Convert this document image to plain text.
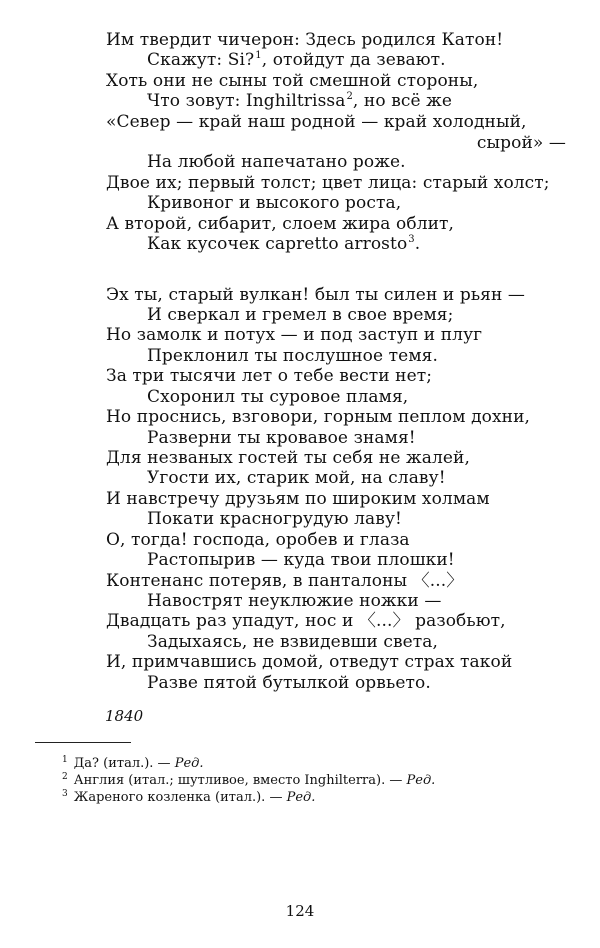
Им твердит чичерон: Здесь родился Катон!
Скажут: Si?$^1$, отойдут да зевают.
Хоть они не сыны той смешной стороны,
Что зовут: Inghiltrissa$^2$, но всё же
«Север — край наш родной — край холодный,
сырой» —
На любой напечатано роже.
Двое их; первый толст; цвет лица: старый холст;
Кривоног и высокого роста,
А второй, сибарит, слоем жира облит,
Как кусочек capretto arrosto$^3$.
Эх ты, старый вулкан! был ты силен и рьян —
И сверкал и гремел в свое время;
Но замолк и потух — и под заступ и плуг
Преклонил ты послушное темя.
За три тысячи лет о тебе вести нет;
Схоронил ты суровое пламя,
Но проснись, взговори, горным пеплом дохни,
Разверни ты кровавое знамя!
Для незваных гостей ты себя не жалей,
Угости их, старик мой, на славу!
И навстречу друзьям по широким холмам
Покати красногрудую лаву!
О, тогда! господа, оробев и глаза
Растопырив — куда твои плошки!
Контенанс потеряв, в панталоны 〈...〉
Навострят неуклюжие ножки —
Двадцать раз упадут, нос и 〈...〉 разобьют,
Задыхаясь, не взвидевши света,
И, примчавшись домой, отведут страх такой
Разве пятой бутылкой орвьето.
1840
$^1$ Да? (итал.). — Ред.
$^2$ Англия (итал.; шутливое, вместо Inghilterra). — Ред.
$^3$ Жареного козленка (итал.). — Ред.
124
